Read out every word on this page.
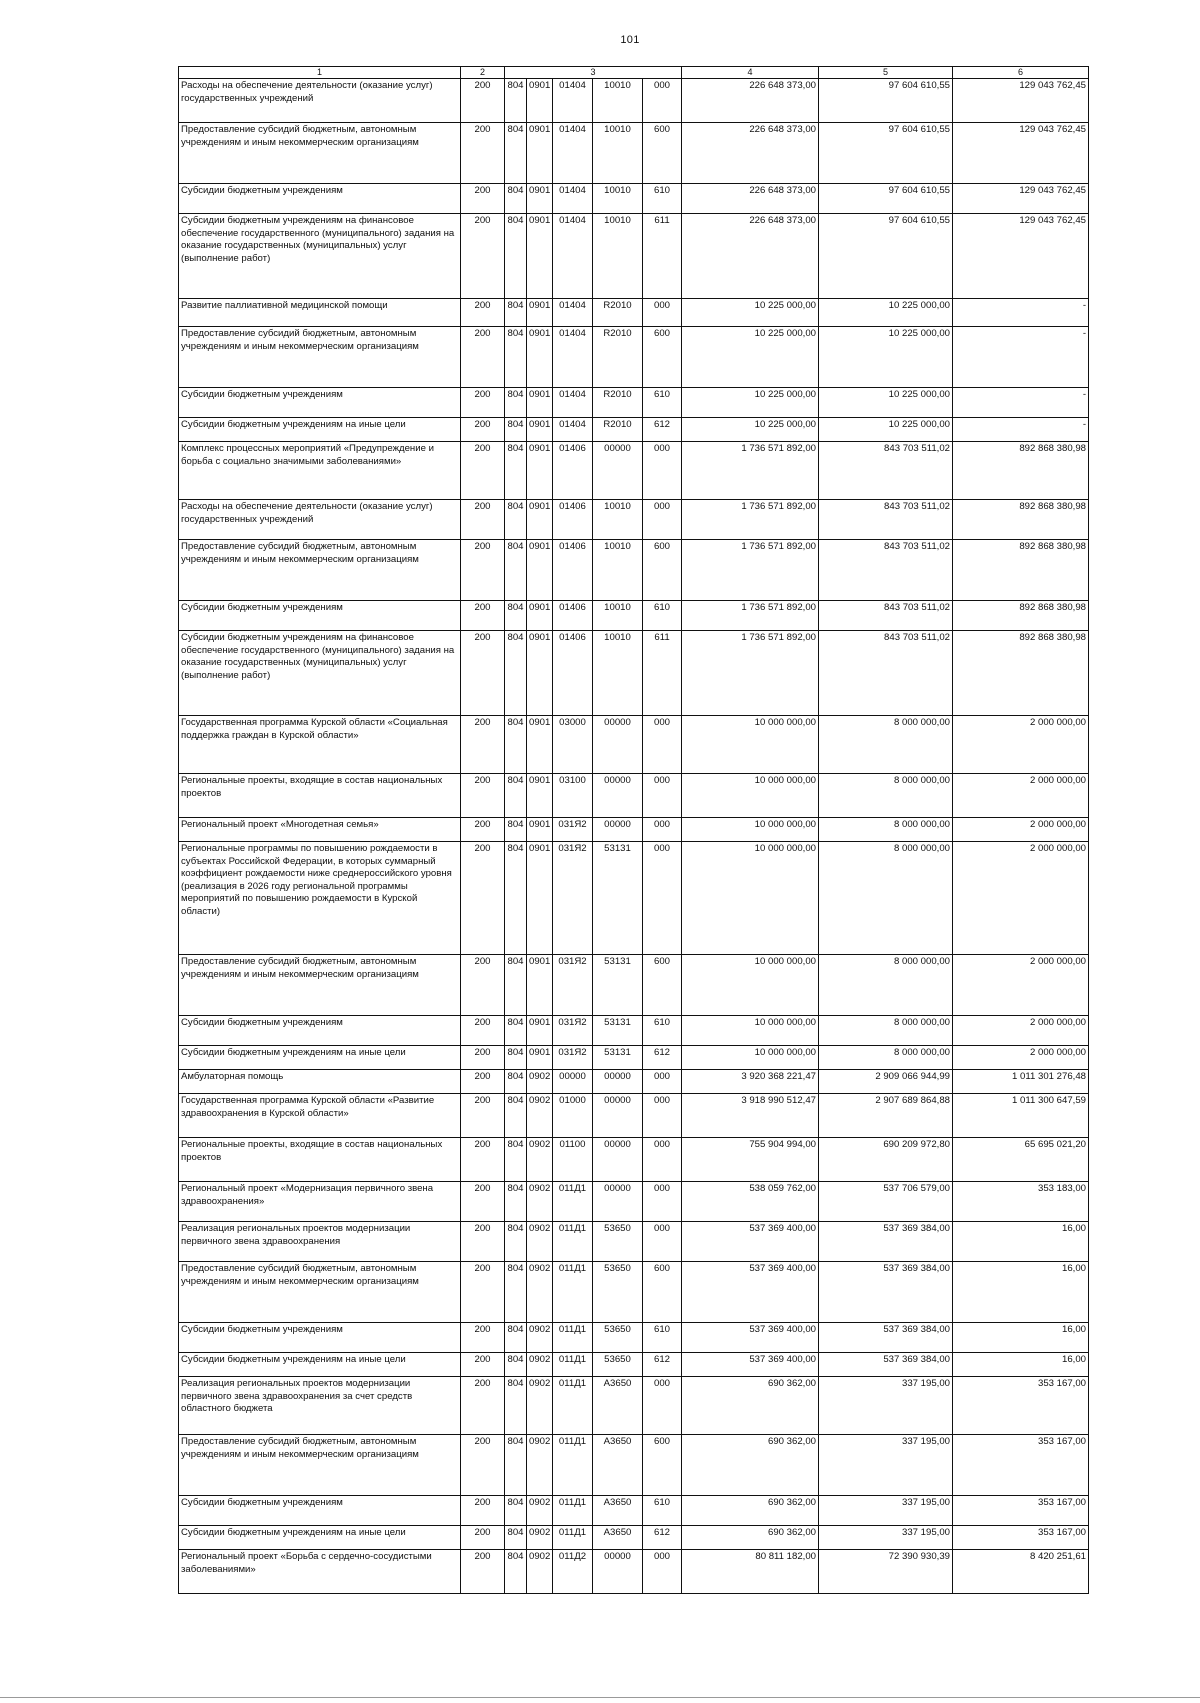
101
1	2	3					4	5	6
Расходы на обеспечение деятельности (оказание услуг) государственных учреждений	200	804	0901	01404	10010	000	226 648 373,00	97 604 610,55	129 043 762,45
Предоставление субсидий бюджетным, автономным учреждениям и иным некоммерческим организациям	200	804	0901	01404	10010	600	226 648 373,00	97 604 610,55	129 043 762,45
Субсидии бюджетным учреждениям	200	804	0901	01404	10010	610	226 648 373,00	97 604 610,55	129 043 762,45
Субсидии бюджетным учреждениям на финансовое обеспечение государственного (муниципального) задания на оказание государственных (муниципальных) услуг (выполнение работ)	200	804	0901	01404	10010	611	226 648 373,00	97 604 610,55	129 043 762,45
Развитие паллиативной медицинской помощи	200	804	0901	01404	R2010	000	10 225 000,00	10 225 000,00	-
Предоставление субсидий бюджетным, автономным учреждениям и иным некоммерческим организациям	200	804	0901	01404	R2010	600	10 225 000,00	10 225 000,00	-
Субсидии бюджетным учреждениям	200	804	0901	01404	R2010	610	10 225 000,00	10 225 000,00	-
Субсидии бюджетным учреждениям на иные цели	200	804	0901	01404	R2010	612	10 225 000,00	10 225 000,00	-
Комплекс процессных мероприятий «Предупреждение и борьба с социально значимыми заболеваниями»	200	804	0901	01406	00000	000	1 736 571 892,00	843 703 511,02	892 868 380,98
Расходы на обеспечение деятельности (оказание услуг) государственных учреждений	200	804	0901	01406	10010	000	1 736 571 892,00	843 703 511,02	892 868 380,98
Предоставление субсидий бюджетным, автономным учреждениям и иным некоммерческим организациям	200	804	0901	01406	10010	600	1 736 571 892,00	843 703 511,02	892 868 380,98
Субсидии бюджетным учреждениям	200	804	0901	01406	10010	610	1 736 571 892,00	843 703 511,02	892 868 380,98
Субсидии бюджетным учреждениям на финансовое обеспечение государственного (муниципального) задания на оказание государственных (муниципальных) услуг (выполнение работ)	200	804	0901	01406	10010	611	1 736 571 892,00	843 703 511,02	892 868 380,98
Государственная программа Курской области «Социальная поддержка граждан в Курской области»	200	804	0901	03000	00000	000	10 000 000,00	8 000 000,00	2 000 000,00
Региональные проекты, входящие в состав национальных проектов	200	804	0901	03100	00000	000	10 000 000,00	8 000 000,00	2 000 000,00
Региональный проект «Многодетная семья»	200	804	0901	031Я2	00000	000	10 000 000,00	8 000 000,00	2 000 000,00
Региональные программы по повышению рождаемости в субъектах Российской Федерации, в которых суммарный коэффициент рождаемости ниже среднероссийского уровня (реализация в 2026 году региональной программы мероприятий по повышению рождаемости в Курской области)	200	804	0901	031Я2	53131	000	10 000 000,00	8 000 000,00	2 000 000,00
Предоставление субсидий бюджетным, автономным учреждениям и иным некоммерческим организациям	200	804	0901	031Я2	53131	600	10 000 000,00	8 000 000,00	2 000 000,00
Субсидии бюджетным учреждениям	200	804	0901	031Я2	53131	610	10 000 000,00	8 000 000,00	2 000 000,00
Субсидии бюджетным учреждениям на иные цели	200	804	0901	031Я2	53131	612	10 000 000,00	8 000 000,00	2 000 000,00
Амбулаторная помощь	200	804	0902	00000	00000	000	3 920 368 221,47	2 909 066 944,99	1 011 301 276,48
Государственная программа Курской области «Развитие здравоохранения в Курской области»	200	804	0902	01000	00000	000	3 918 990 512,47	2 907 689 864,88	1 011 300 647,59
Региональные проекты, входящие в состав национальных проектов	200	804	0902	01100	00000	000	755 904 994,00	690 209 972,80	65 695 021,20
Региональный проект «Модернизация первичного звена здравоохранения»	200	804	0902	011Д1	00000	000	538 059 762,00	537 706 579,00	353 183,00
Реализация региональных проектов модернизации первичного звена здравоохранения	200	804	0902	011Д1	53650	000	537 369 400,00	537 369 384,00	16,00
Предоставление субсидий бюджетным, автономным учреждениям и иным некоммерческим организациям	200	804	0902	011Д1	53650	600	537 369 400,00	537 369 384,00	16,00
Субсидии бюджетным учреждениям	200	804	0902	011Д1	53650	610	537 369 400,00	537 369 384,00	16,00
Субсидии бюджетным учреждениям на иные цели	200	804	0902	011Д1	53650	612	537 369 400,00	537 369 384,00	16,00
Реализация региональных проектов модернизации первичного звена здравоохранения за счет средств областного бюджета	200	804	0902	011Д1	А3650	000	690 362,00	337 195,00	353 167,00
Предоставление субсидий бюджетным, автономным учреждениям и иным некоммерческим организациям	200	804	0902	011Д1	А3650	600	690 362,00	337 195,00	353 167,00
Субсидии бюджетным учреждениям	200	804	0902	011Д1	А3650	610	690 362,00	337 195,00	353 167,00
Субсидии бюджетным учреждениям на иные цели	200	804	0902	011Д1	А3650	612	690 362,00	337 195,00	353 167,00
Региональный проект «Борьба с сердечно-сосудистыми заболеваниями»	200	804	0902	011Д2	00000	000	80 811 182,00	72 390 930,39	8 420 251,61
